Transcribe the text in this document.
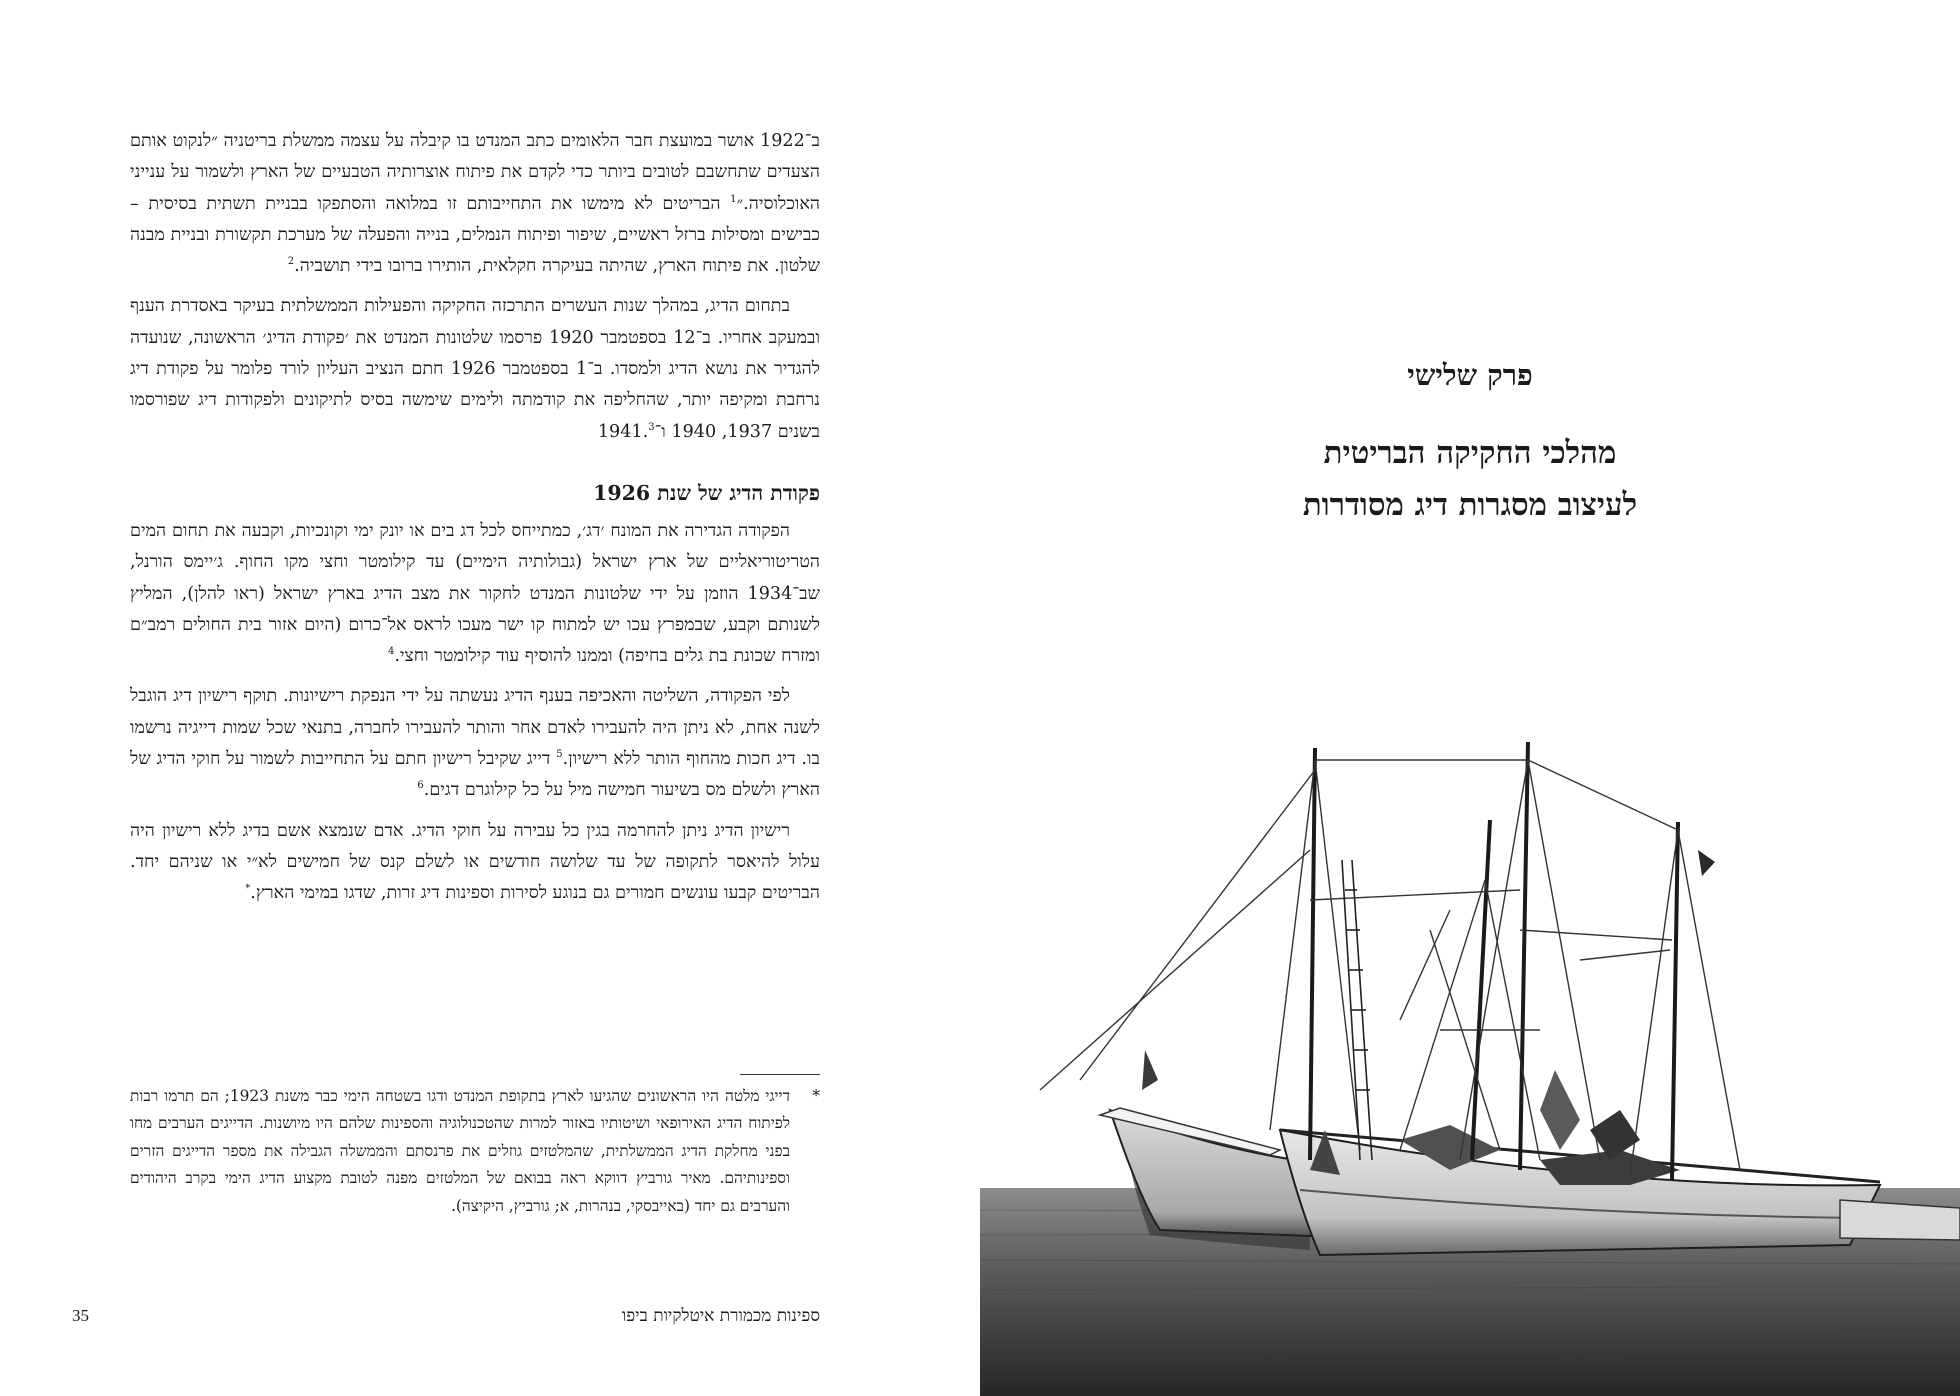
ב־1922 אושר במועצת חבר הלאומים כתב המנדט בו קיבלה על עצמה ממשלת בריטניה ״לנקוט אותם הצעדים שתחשבם לטובים ביותר כדי לקדם את פיתוח אוצרותיה הטבעיים של הארץ ולשמור על ענייני האוכלוסיה.״$^1$ הבריטים לא מימשו את התחייבותם זו במלואה והסתפקו בבניית תשתית בסיסית – כבישים ומסילות ברזל ראשיים, שיפור ופיתוח הנמלים, בנייה והפעלה של מערכת תקשורת ובניית מבנה שלטון. את פיתוח הארץ, שהיתה בעיקרה חקלאית, הותירו ברובו בידי תושביה.$^2$

בתחום הדיג, במהלך שנות העשרים התרכזה החקיקה והפעילות הממשלתית בעיקר באסדרת הענף ובמעקב אחריו. ב־12 בספטמבר 1920 פרסמו שלטונות המנדט את ׳פקודת הדיג׳ הראשונה, שנועדה להגדיר את נושא הדיג ולמסדו. ב־1 בספטמבר 1926 חתם הנציב העליון לורד פלומר על פקודת דיג נרחבת ומקיפה יותר, שהחליפה את קודמתה ולימים שימשה בסיס לתיקונים ולפקודות דיג שפורסמו בשנים 1937, 1940 ו־1941.$^3$

פקודת הדיג של שנת 1926

הפקודה הגדירה את המונח ׳דג׳, כמתייחס לכל דג בים או יונק ימי וקונכיות, וקבעה את תחום המים הטריטוריאליים של ארץ ישראל (גבולותיה הימיים) עד קילומטר וחצי מקו החוף. ג׳יימס הורנל, שב־1934 הוזמן על ידי שלטונות המנדט לחקור את מצב הדיג בארץ ישראל (ראו להלן), המליץ לשנותם וקבע, שבמפרץ עכו יש למתוח קו ישר מעכו לראס אל־כרום (היום אזור בית החולים רמב״ם ומזרח שכונת בת גלים בחיפה) וממנו להוסיף עוד קילומטר וחצי.$^4$

לפי הפקודה, השליטה והאכיפה בענף הדיג נעשתה על ידי הנפקת רישיונות. תוקף רישיון דיג הוגבל לשנה אחת, לא ניתן היה להעבירו לאדם אחר והותר להעבירו לחברה, בתנאי שכל שמות דייגיה נרשמו בו. דיג חכות מהחוף הותר ללא רישיון.$^5$ דייג שקיבל רישיון חתם על התחייבות לשמור על חוקי הדיג של הארץ ולשלם מס בשיעור חמישה מיל על כל קילוגרם דגים.$^6$

רישיון הדיג ניתן להחרמה בגין כל עבירה על חוקי הדיג. אדם שנמצא אשם בדיג ללא רישיון היה עלול להיאסר לתקופה של עד שלושה חודשים או לשלם קנס של חמישים לא״י או שניהם יחד. הבריטים קבעו עונשים חמורים גם בנוגע לסירות וספינות דיג זרות, שדגו במימי הארץ.*

*
דייגי מלטה היו הראשונים שהגיעו לארץ בתקופת המנדט ודגו בשטחה הימי כבר משנת 1923; הם תרמו רבות לפיתוח הדיג האירופאי ושיטותיו באזור למרות שהטכנולוגיה והספינות שלהם היו מיושנות. הדייגים הערבים מחו בפני מחלקת הדיג הממשלתית, שהמלטזים גוזלים את פרנסתם והממשלה הגבילה את מספר הדייגים הזרים וספינותיהם. מאיר גורביץ דווקא ראה בבואם של המלטזים מפנה לטובת מקצוע הדיג הימי בקרב היהודים והערבים גם יחד (באייבסקי, בנהרות, א; גורביץ, היקיצה).
35	ספינות מכמורת איטלקיות ביפו
פרק שלישי
מהלכי החקיקה הבריטית
לעיצוב מסגרות דיג מסודרות
